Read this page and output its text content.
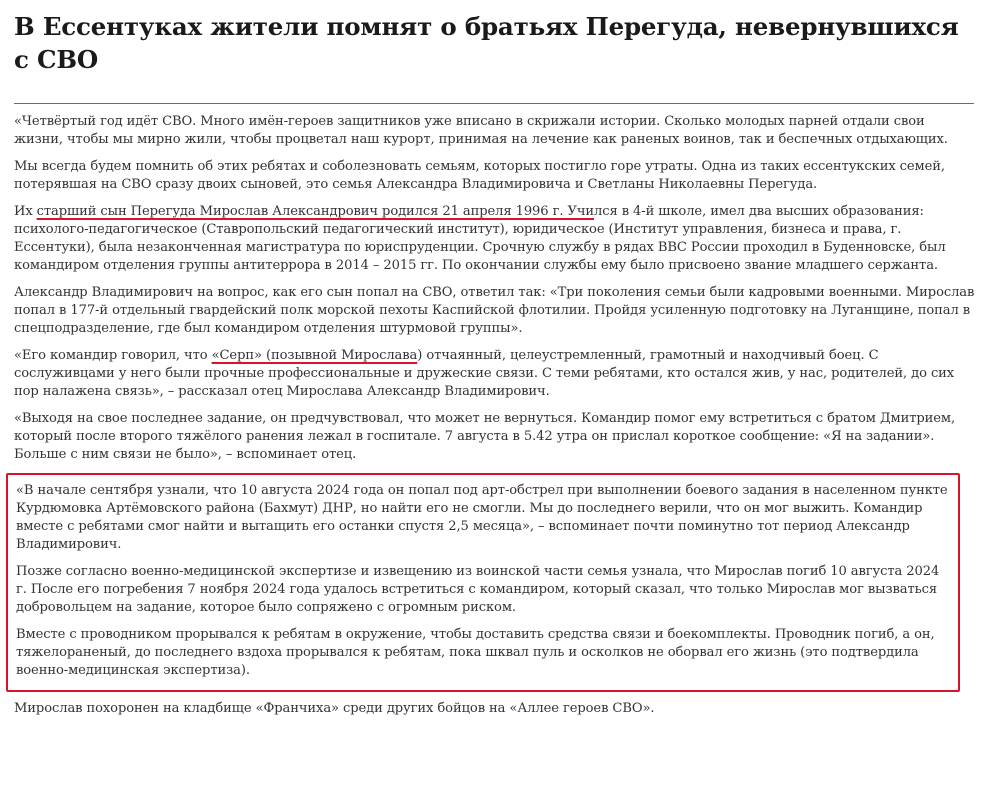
В Ессентуках жители помнят о братьях Перегуда, невернувшихся с СВО

«Четвёртый год идёт СВО. Много имён-героев защитников уже вписано в скрижали истории. Сколько молодых парней отдали свои жизни, чтобы мы мирно жили, чтобы процветал наш курорт, принимая на лечение как раненых воинов, так и беспечных отдыхающих.

Мы всегда будем помнить об этих ребятах и соболезновать семьям, которых постигло горе утраты. Одна из таких ессентукских семей, потерявшая на СВО сразу двоих сыновей, это семья Александра Владимировича и Светланы Николаевны Перегуда.

Их старший сын Перегуда Мирослав Александрович родился 21 апреля 1996 г. Учился в 4-й школе, имел два высших образования: психолого-педагогическое (Ставропольский педагогический институт), юридическое (Институт управления, бизнеса и права, г. Ессентуки), была незаконченная магистратура по юриспруденции. Срочную службу в рядах ВВС России проходил в Буденновске, был командиром отделения группы антитеррора в 2014 – 2015 гг. По окончании службы ему было присвоено звание младшего сержанта.

Александр Владимирович на вопрос, как его сын попал на СВО, ответил так: «Три поколения семьи были кадровыми военными. Мирослав попал в 177-й отдельный гвардейский полк морской пехоты Каспийской флотилии. Пройдя усиленную подготовку на Луганщине, попал в спецподразделение, где был командиром отделения штурмовой группы».

«Его командир говорил, что «Серп» (позывной Мирослава) отчаянный, целеустремленный, грамотный и находчивый боец. С сослуживцами у него были прочные профессиональные и дружеские связи. С теми ребятами, кто остался жив, у нас, родителей, до сих пор налажена связь», – рассказал отец Мирослава Александр Владимирович.

«Выходя на свое последнее задание, он предчувствовал, что может не вернуться. Командир помог ему встретиться с братом Дмитрием, который после второго тяжёлого ранения лежал в госпитале. 7 августа в 5.42 утра он прислал короткое сообщение: «Я на задании». Больше с ним связи не было», – вспоминает отец.

«В начале сентября узнали, что 10 августа 2024 года он попал под арт-обстрел при выполнении боевого задания в населенном пункте Курдюмовка Артёмовского района (Бахмут) ДНР, но найти его не смогли. Мы до последнего верили, что он мог выжить. Командир вместе с ребятами смог найти и вытащить его останки спустя 2,5 месяца», – вспоминает почти поминутно тот период Александр Владимирович.

Позже согласно военно-медицинской экспертизе и извещению из воинской части семья узнала, что Мирослав погиб 10 августа 2024 г. После его погребения 7 ноября 2024 года удалось встретиться с командиром, который сказал, что только Мирослав мог вызваться добровольцем на задание, которое было сопряжено с огромным риском.

Вместе с проводником прорывался к ребятам в окружение, чтобы доставить средства связи и боекомплекты. Проводник погиб, а он, тяжелораненый, до последнего вздоха прорывался к ребятам, пока шквал пуль и осколков не оборвал его жизнь (это подтвердила военно-медицинская экспертиза).

Мирослав похоронен на кладбище «Франчиха» среди других бойцов на «Аллее героев СВО».
